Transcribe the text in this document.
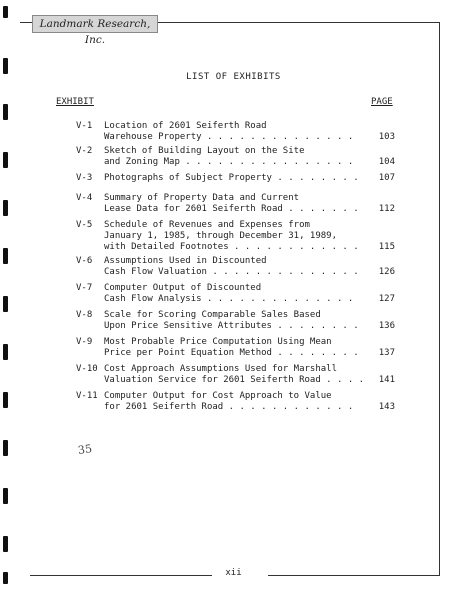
Landmark Research, Inc.
LIST OF EXHIBITS
EXHIBIT	PAGE
V-1 Location of 2601 Seiferth Road
Warehouse Property . . . . . . . . . . . . . .	103
V-2 Sketch of Building Layout on the Site
and Zoning Map . . . . . . . . . . . . . . . .	104
V-3 Photographs of Subject Property . . . . . . . .	107
V-4 Summary of Property Data and Current
Lease Data for 2601 Seiferth Road . . . . . . .	112
V-5 Schedule of Revenues and Expenses from
January 1, 1985, through December 31, 1989,
with Detailed Footnotes . . . . . . . . . . . .	115
V-6 Assumptions Used in Discounted
Cash Flow Valuation . . . . . . . . . . . . . .	126
V-7 Computer Output of Discounted
Cash Flow Analysis . . . . . . . . . . . . . .	127
V-8 Scale for Scoring Comparable Sales Based
Upon Price Sensitive Attributes . . . . . . . .	136
V-9 Most Probable Price Computation Using Mean
Price per Point Equation Method . . . . . . . .	137
V-10 Cost Approach Assumptions Used for Marshall
Valuation Service for 2601 Seiferth Road . . . .	141
V-11 Computer Output for Cost Approach to Value
for 2601 Seiferth Road . . . . . . . . . . . .	143
35
xii
